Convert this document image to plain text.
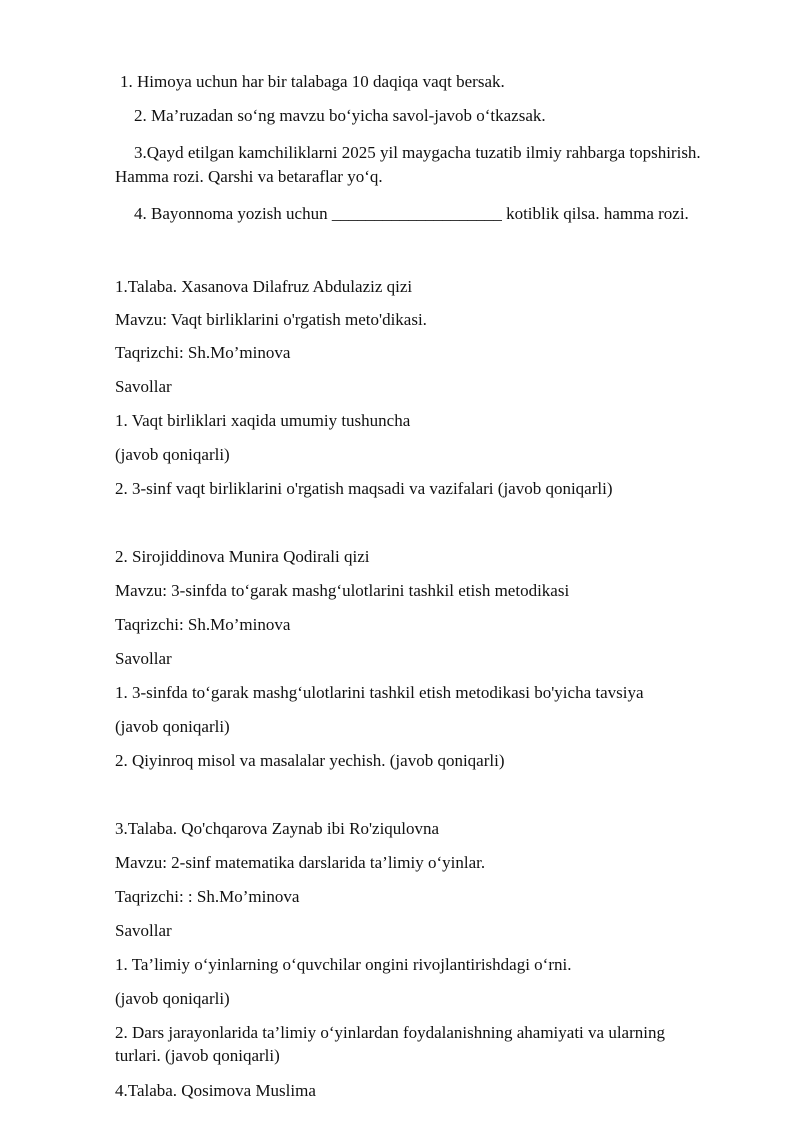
1. Himoya uchun har bir talabaga 10 daqiqa vaqt bersak.
2. Ma’ruzadan so‘ng mavzu bo‘yicha savol-javob o‘tkazsak.
3.Qayd etilgan kamchiliklarni 2025 yil maygacha tuzatib ilmiy rahbarga topshirish.
Hamma rozi. Qarshi va betaraflar yo‘q.
4. Bayonnoma yozish uchun ____________________ kotiblik qilsa. hamma rozi.
1.Talaba. Xasanova Dilafruz Abdulaziz qizi
Mavzu: Vaqt birliklarini o'rgatish meto'dikasi.
Taqrizchi: Sh.Mo’minova
Savollar
1. Vaqt birliklari xaqida umumiy tushuncha
(javob qoniqarli)
2. 3-sinf vaqt birliklarini o'rgatish maqsadi va vazifalari (javob qoniqarli)
2. Sirojiddinova Munira Qodirali qizi
Mavzu: 3-sinfda to‘garak mashg‘ulotlarini tashkil etish metodikasi
Taqrizchi: Sh.Mo’minova
Savollar
1. 3-sinfda to‘garak mashg‘ulotlarini tashkil etish metodikasi bo'yicha tavsiya
(javob qoniqarli)
2. Qiyinroq misol va masalalar yechish. (javob qoniqarli)
3.Talaba. Qo'chqarova Zaynab ibi Ro'ziqulovna
Mavzu: 2-sinf matematika darslarida ta’limiy o‘yinlar.
Taqrizchi: : Sh.Mo’minova
Savollar
1. Ta’limiy o‘yinlarning o‘quvchilar ongini rivojlantirishdagi o‘rni.
(javob qoniqarli)
2. Dars jarayonlarida ta’limiy o‘yinlardan foydalanishning ahamiyati va ularning
turlari. (javob qoniqarli)
4.Talaba. Qosimova Muslima
